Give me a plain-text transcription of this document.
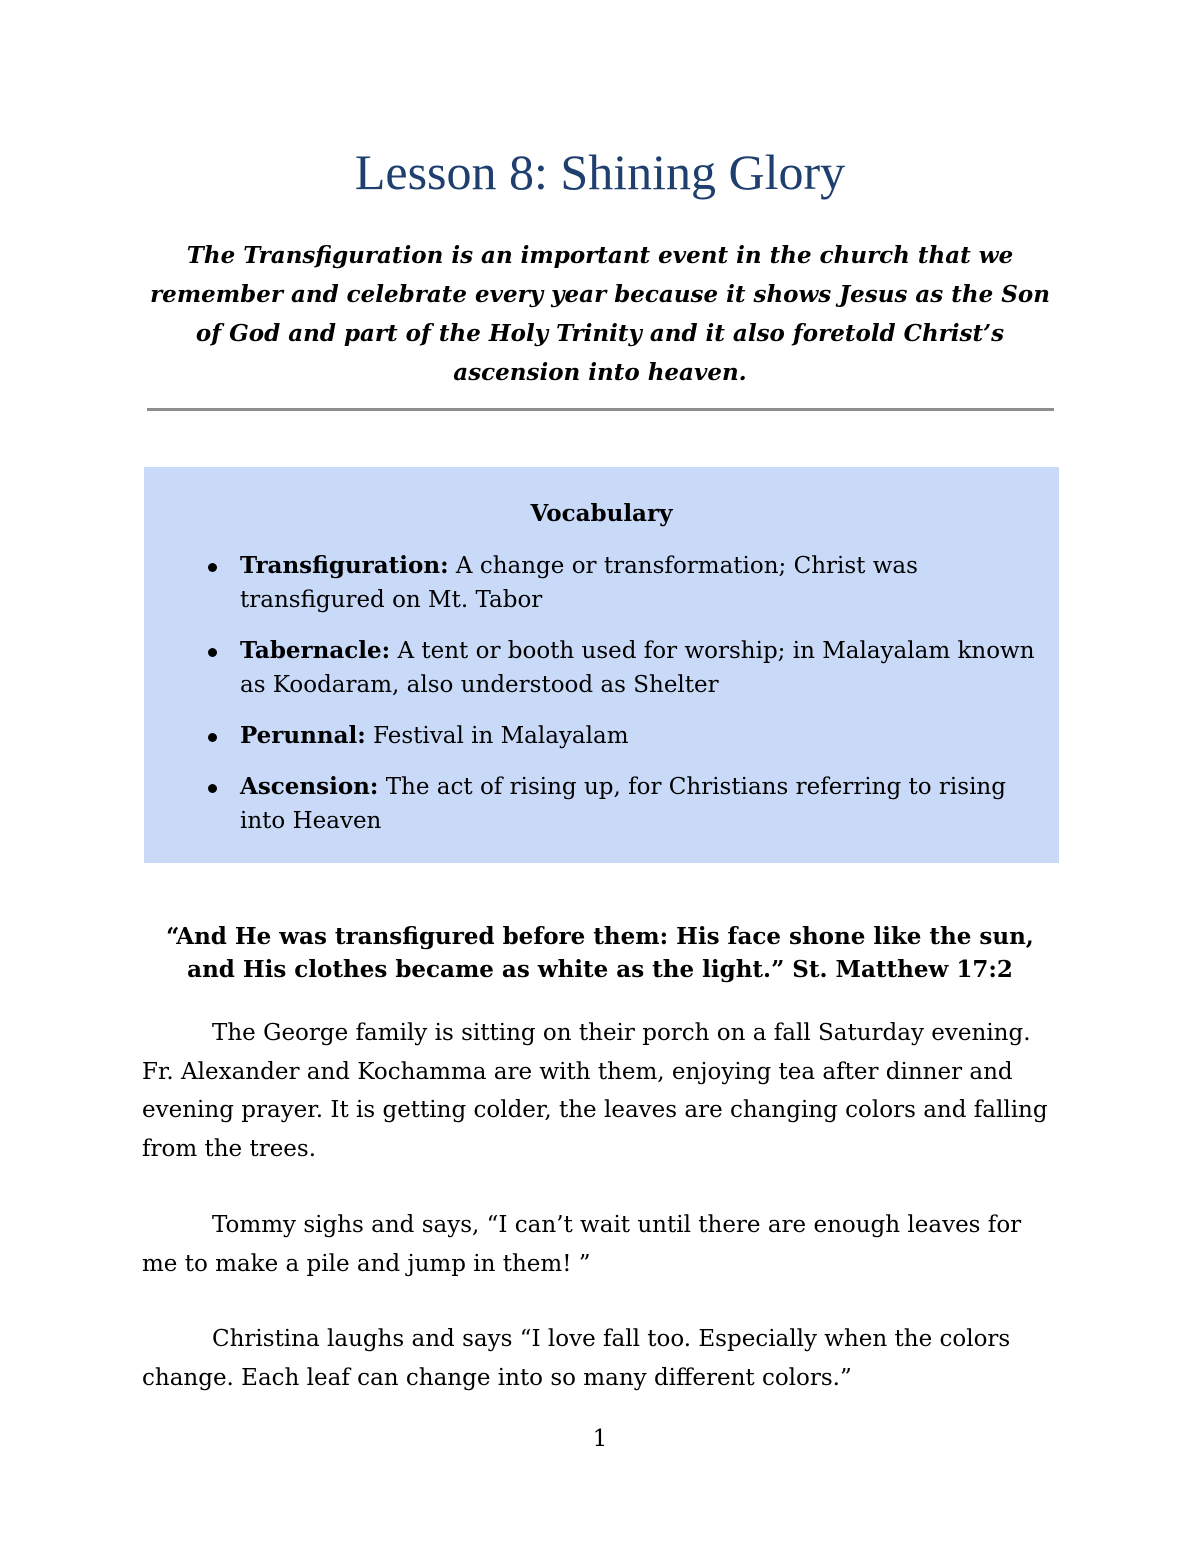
Lesson 8: Shining Glory

The Transfiguration is an important event in the church that we remember and celebrate every year because it shows Jesus as the Son of God and part of the Holy Trinity and it also foretold Christ’s ascension into heaven.

Vocabulary

Transfiguration: A change or transformation; Christ was transfigured on Mt. Tabor
Tabernacle: A tent or booth used for worship; in Malayalam known as Koodaram, also understood as Shelter
Perunnal: Festival in Malayalam
Ascension: The act of rising up, for Christians referring to rising into Heaven

“And He was transfigured before them: His face shone like the sun, and His clothes became as white as the light.” St. Matthew 17:2

The George family is sitting on their porch on a fall Saturday evening. Fr. Alexander and Kochamma are with them, enjoying tea after dinner and evening prayer. It is getting colder, the leaves are changing colors and falling from the trees.

Tommy sighs and says, “I can’t wait until there are enough leaves for me to make a pile and jump in them! ”

Christina laughs and says “I love fall too. Especially when the colors change. Each leaf can change into so many different colors.”

1
